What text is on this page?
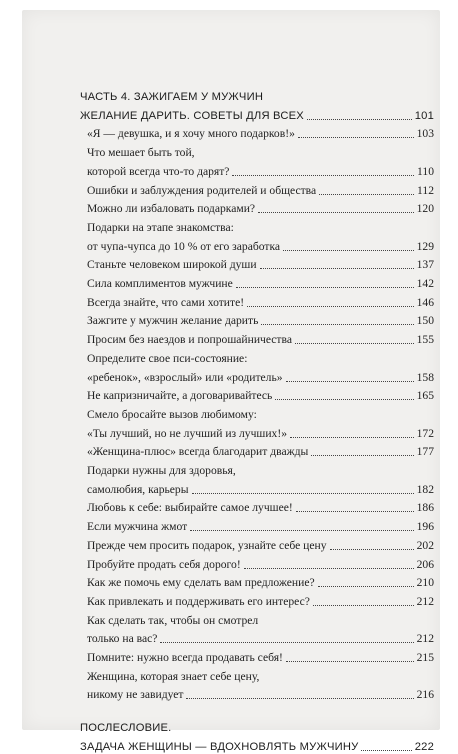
ЧАСТЬ 4. ЗАЖИГАЕМ У МУЖЧИН
ЖЕЛАНИЕ ДАРИТЬ. СОВЕТЫ ДЛЯ ВСЕХ	101
«Я — девушка, и я хочу много подарков!»	103
Что мешает быть той,
которой всегда что-то дарят?	110
Ошибки и заблуждения родителей и общества	112
Можно ли избаловать подарками?	120
Подарки на этапе знакомства:
от чупа-чупса до 10 % от его заработка	129
Станьте человеком широкой души	137
Сила комплиментов мужчине	142
Всегда знайте, что сами хотите!	146
Зажгите у мужчин желание дарить	150
Просим без наездов и попрошайничества	155
Определите свое пси-состояние:
«ребенок», «взрослый» или «родитель»	158
Не капризничайте, а договаривайтесь	165
Смело бросайте вызов любимому:
«Ты лучший, но не лучший из лучших!»	172
«Женщина-плюс» всегда благодарит дважды	177
Подарки нужны для здоровья,
самолюбия, карьеры	182
Любовь к себе: выбирайте самое лучшее!	186
Если мужчина жмот	196
Прежде чем просить подарок, узнайте себе цену	202
Пробуйте продать себя дорого!	206
Как же помочь ему сделать вам предложение?	210
Как привлекать и поддерживать его интерес?	212
Как сделать так, чтобы он смотрел
только на вас?	212
Помните: нужно всегда продавать себя!	215
Женщина, которая знает себе цену,
никому не завидует	216
ПОСЛЕСЛОВИЕ.
ЗАДАЧА ЖЕНЩИНЫ — ВДОХНОВЛЯТЬ МУЖЧИНУ	222
